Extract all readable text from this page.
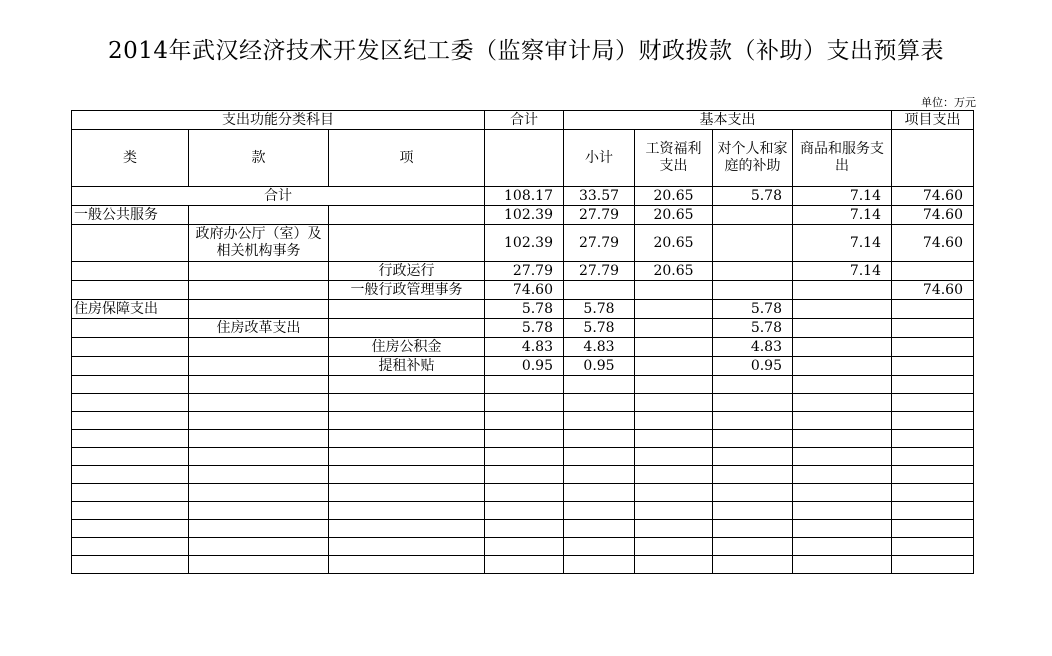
2014年武汉经济技术开发区纪工委（监察审计局）财政拨款（补助）支出预算表
单位：万元
支出功能分类科目			合计	基本支出				项目支出
类	款	项		小计	工资福利支出	对个人和家庭的补助	商品和服务支出	
合计			108.17	33.57	20.65	5.78	7.14	74.60
一般公共服务			102.39	27.79	20.65		7.14	74.60
	政府办公厅（室）及相关机构事务		102.39	27.79	20.65		7.14	74.60
		行政运行	27.79	27.79	20.65		7.14	
		一般行政管理事务	74.60					74.60
住房保障支出			5.78	5.78		5.78		
	住房改革支出		5.78	5.78		5.78		
		住房公积金	4.83	4.83		4.83		
		提租补贴	0.95	0.95		0.95		
